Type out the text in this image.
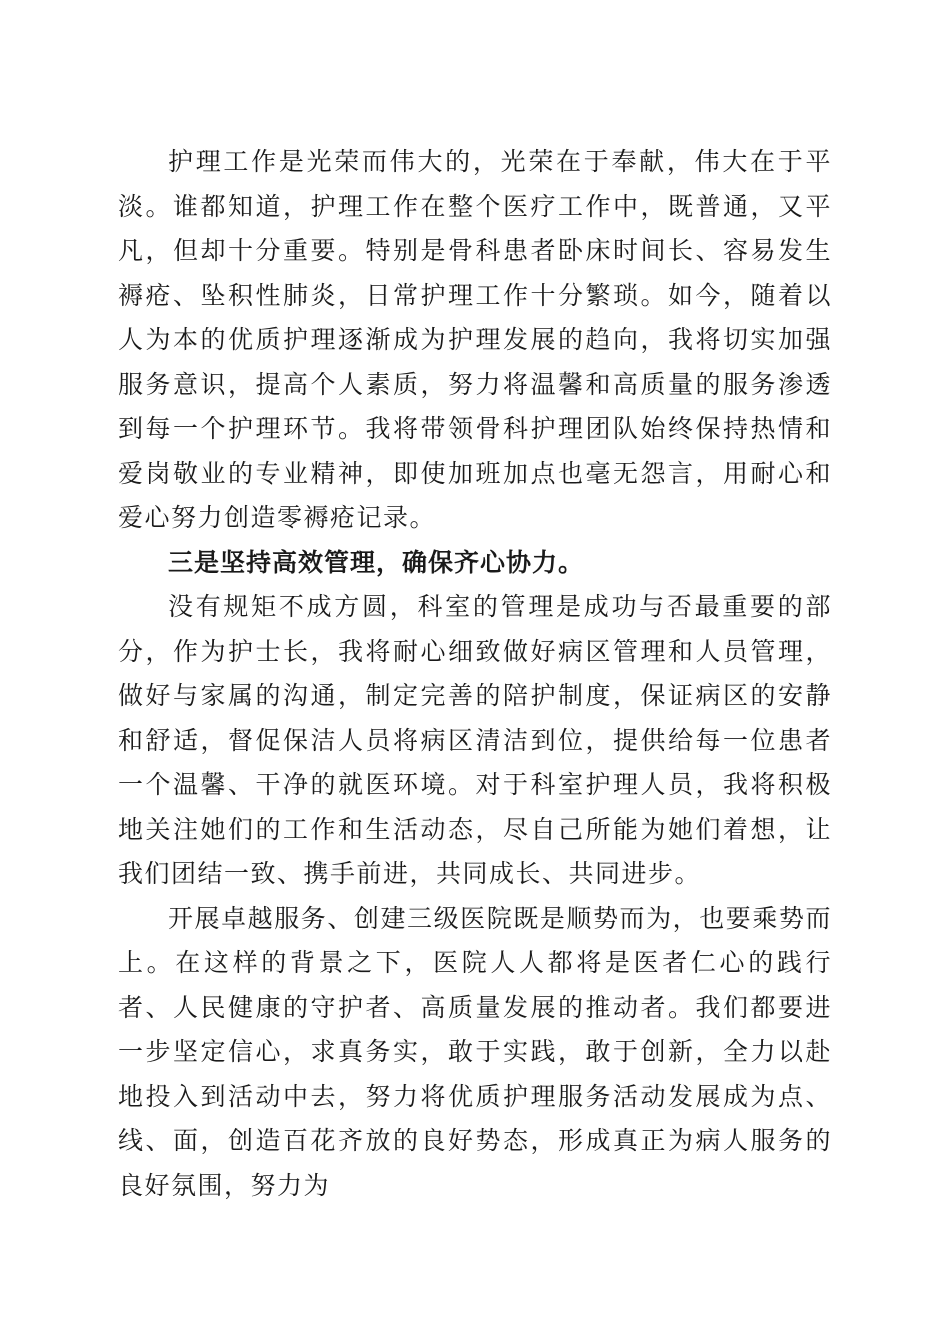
护理工作是光荣而伟大的，光荣在于奉献，伟大在于平淡。谁都知道，护理工作在整个医疗工作中，既普通，又平凡，但却十分重要。特别是骨科患者卧床时间长、容易发生褥疮、坠积性肺炎，日常护理工作十分繁琐。如今，随着以人为本的优质护理逐渐成为护理发展的趋向，我将切实加强服务意识，提高个人素质，努力将温馨和高质量的服务渗透到每一个护理环节。我将带领骨科护理团队始终保持热情和爱岗敬业的专业精神，即使加班加点也毫无怨言，用耐心和爱心努力创造零褥疮记录。

三是坚持高效管理，确保齐心协力。

没有规矩不成方圆，科室的管理是成功与否最重要的部分，作为护士长，我将耐心细致做好病区管理和人员管理，做好与家属的沟通，制定完善的陪护制度，保证病区的安静和舒适，督促保洁人员将病区清洁到位，提供给每一位患者一个温馨、干净的就医环境。对于科室护理人员，我将积极地关注她们的工作和生活动态，尽自己所能为她们着想，让我们团结一致、携手前进，共同成长、共同进步。

开展卓越服务、创建三级医院既是顺势而为，也要乘势而上。在这样的背景之下，医院人人都将是医者仁心的践行者、人民健康的守护者、高质量发展的推动者。我们都要进一步坚定信心，求真务实，敢于实践，敢于创新，全力以赴地投入到活动中去，努力将优质护理服务活动发展成为点、线、面，创造百花齐放的良好势态，形成真正为病人服务的良好氛围，努力为
